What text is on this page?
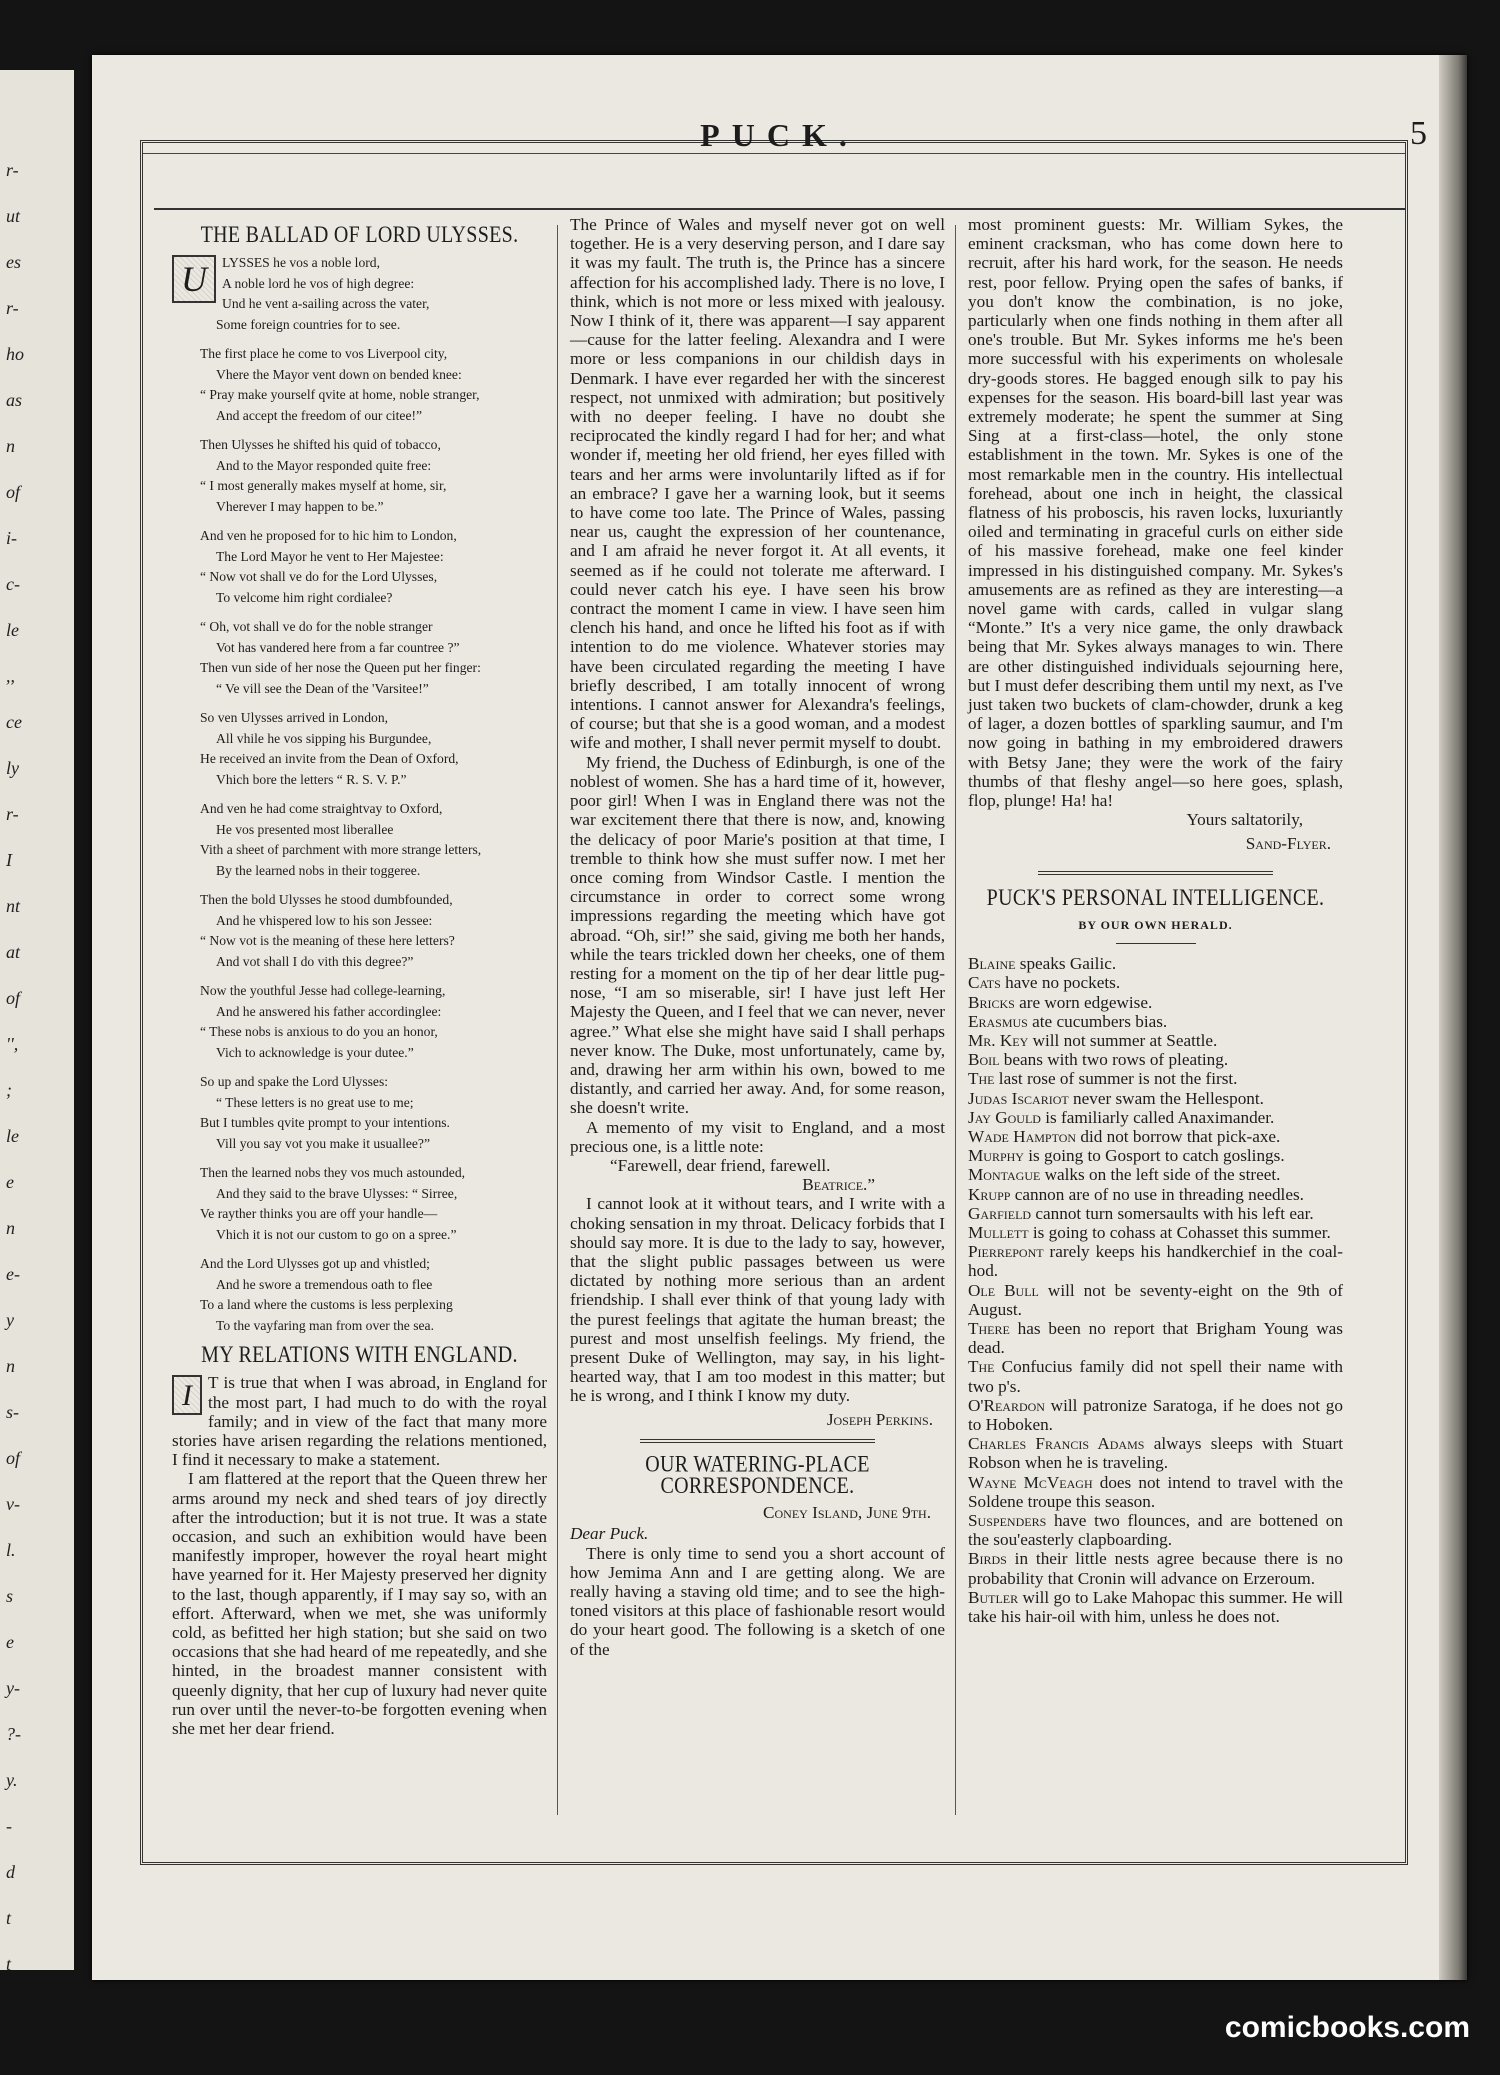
r-
ut
es
r-
ho
as
n
of
i-
c-
le
,,
ce
ly
r-
I
nt
at
of
'',
;
le
e
n
e-
y
n
s-
of
v-
l.
s
e
y-
?-
y.
-
d
t
t
PUCK.	5
THE BALLAD OF LORD ULYSSES.
U	LYSSES he vos a noble lord,
A noble lord he vos of high degree:
Und he vent a-sailing across the vater,
Some foreign countries for to see.
The first place he come to vos Liverpool city,
Vhere the Mayor vent down on bended knee:
“ Pray make yourself qvite at home, noble stranger,
And accept the freedom of our citee!”
Then Ulysses he shifted his quid of tobacco,
And to the Mayor responded quite free:
“ I most generally makes myself at home, sir,
Vherever I may happen to be.”
And ven he proposed for to hic him to London,
The Lord Mayor he vent to Her Majestee:
“ Now vot shall ve do for the Lord Ulysses,
To velcome him right cordialee?
“ Oh, vot shall ve do for the noble stranger
Vot has vandered here from a far countree ?”
Then vun side of her nose the Queen put her finger:
“ Ve vill see the Dean of the 'Varsitee!”
So ven Ulysses arrived in London,
All vhile he vos sipping his Burgundee,
He received an invite from the Dean of Oxford,
Vhich bore the letters “ R. S. V. P.”
And ven he had come straightvay to Oxford,
He vos presented most liberallee
Vith a sheet of parchment with more strange letters,
By the learned nobs in their toggeree.
Then the bold Ulysses he stood dumbfounded,
And he vhispered low to his son Jessee:
“ Now vot is the meaning of these here letters?
And vot shall I do vith this degree?”
Now the youthful Jesse had college-learning,
And he answered his father accordinglee:
“ These nobs is anxious to do you an honor,
Vich to acknowledge is your dutee.”
So up and spake the Lord Ulysses:
“ These letters is no great use to me;
But I tumbles qvite prompt to your intentions.
Vill you say vot you make it usuallee?”
Then the learned nobs they vos much astounded,
And they said to the brave Ulysses: “ Sirree,
Ve rayther thinks you are off your handle—
Vhich it is not our custom to go on a spree.”
And the Lord Ulysses got up and vhistled;
And he swore a tremendous oath to flee
To a land where the customs is less perplexing
To the vayfaring man from over the sea.
MY RELATIONS WITH ENGLAND.
I T is true that when I was abroad, in England for the most part, I had much to do with the royal family; and in view of the fact that many more stories have arisen regarding the relations mentioned, I find it necessary to make a statement.

I am flattered at the report that the Queen threw her arms around my neck and shed tears of joy directly after the introduction; but it is not true. It was a state occasion, and such an exhibition would have been manifestly improper, however the royal heart might have yearned for it. Her Majesty preserved her dignity to the last, though apparently, if I may say so, with an effort. Afterward, when we met, she was uniformly cold, as befitted her high station; but she said on two occasions that she had heard of me repeatedly, and she hinted, in the broadest manner consistent with queenly dignity, that her cup of luxury had never quite run over until the never-to-be forgotten evening when she met her dear friend.

The Prince of Wales and myself never got on well together. He is a very deserving person, and I dare say it was my fault. The truth is, the Prince has a sincere affection for his accomplished lady. There is no love, I think, which is not more or less mixed with jealousy. Now I think of it, there was apparent—I say apparent—cause for the latter feeling. Alexandra and I were more or less companions in our childish days in Denmark. I have ever regarded her with the sincerest respect, not unmixed with admiration; but positively with no deeper feeling. I have no doubt she reciprocated the kindly regard I had for her; and what wonder if, meeting her old friend, her eyes filled with tears and her arms were involuntarily lifted as if for an embrace? I gave her a warning look, but it seems to have come too late. The Prince of Wales, passing near us, caught the expression of her countenance, and I am afraid he never forgot it. At all events, it seemed as if he could not tolerate me afterward. I could never catch his eye. I have seen his brow contract the moment I came in view. I have seen him clench his hand, and once he lifted his foot as if with intention to do me violence. Whatever stories may have been circulated regarding the meeting I have briefly described, I am totally innocent of wrong intentions. I cannot answer for Alexandra's feelings, of course; but that she is a good woman, and a modest wife and mother, I shall never permit myself to doubt.

My friend, the Duchess of Edinburgh, is one of the noblest of women. She has a hard time of it, however, poor girl! When I was in England there was not the war excitement there that there is now, and, knowing the delicacy of poor Marie's position at that time, I tremble to think how she must suffer now. I met her once coming from Windsor Castle. I mention the circumstance in order to correct some wrong impressions regarding the meeting which have got abroad. “Oh, sir!” she said, giving me both her hands, while the tears trickled down her cheeks, one of them resting for a moment on the tip of her dear little pug-nose, “I am so miserable, sir! I have just left Her Majesty the Queen, and I feel that we can never, never agree.” What else she might have said I shall perhaps never know. The Duke, most unfortunately, came by, and, drawing her arm within his own, bowed to me distantly, and carried her away. And, for some reason, she doesn't write.

A memento of my visit to England, and a most precious one, is a little note:

“Farewell, dear friend, farewell.

Beatrice.”

I cannot look at it without tears, and I write with a choking sensation in my throat. Delicacy forbids that I should say more. It is due to the lady to say, however, that the slight public passages between us were dictated by nothing more serious than an ardent friendship. I shall ever think of that young lady with the purest feelings that agitate the human breast; the purest and most unselfish feelings. My friend, the present Duke of Wellington, may say, in his light-hearted way, that I am too modest in this matter; but he is wrong, and I think I know my duty.

Joseph Perkins.
OUR WATERING-PLACE CORRESPONDENCE.
Coney Island, June 9th.
Dear Puck.

There is only time to send you a short account of how Jemima Ann and I are getting along. We are really having a staving old time; and to see the high-toned visitors at this place of fashionable resort would do your heart good. The following is a sketch of one of the

most prominent guests: Mr. William Sykes, the eminent cracksman, who has come down here to recruit, after his hard work, for the season. He needs rest, poor fellow. Prying open the safes of banks, if you don't know the combination, is no joke, particularly when one finds nothing in them after all one's trouble. But Mr. Sykes informs me he's been more successful with his experiments on wholesale dry-goods stores. He bagged enough silk to pay his expenses for the season. His board-bill last year was extremely moderate; he spent the summer at Sing Sing at a first-class—hotel, the only stone establishment in the town. Mr. Sykes is one of the most remarkable men in the country. His intellectual forehead, about one inch in height, the classical flatness of his proboscis, his raven locks, luxuriantly oiled and terminating in graceful curls on either side of his massive forehead, make one feel kinder impressed in his distinguished company. Mr. Sykes's amusements are as refined as they are interesting—a novel game with cards, called in vulgar slang “Monte.” It's a very nice game, the only drawback being that Mr. Sykes always manages to win. There are other distinguished individuals sejourning here, but I must defer describing them until my next, as I've just taken two buckets of clam-chowder, drunk a keg of lager, a dozen bottles of sparkling saumur, and I'm now going in bathing in my embroidered drawers with Betsy Jane; they were the work of the fairy thumbs of that fleshy angel—so here goes, splash, flop, plunge! Ha! ha!

Yours saltatorily,
Sand-Flyer.
PUCK'S PERSONAL INTELLIGENCE.
BY OUR OWN HERALD.

Blaine speaks Gailic.

Cats have no pockets.

Bricks are worn edgewise.

Erasmus ate cucumbers bias.

Mr. Key will not summer at Seattle.

Boil beans with two rows of pleating.

The last rose of summer is not the first.

Judas Iscariot never swam the Hellespont.

Jay Gould is familiarly called Anaximander.

Wade Hampton did not borrow that pick-axe.

Murphy is going to Gosport to catch goslings.

Montague walks on the left side of the street.

Krupp cannon are of no use in threading needles.

Garfield cannot turn somersaults with his left ear.

Mullett is going to cohass at Cohasset this summer.

Pierrepont rarely keeps his handkerchief in the coal-hod.

Ole Bull will not be seventy-eight on the 9th of August.

There has been no report that Brigham Young was dead.

The Confucius family did not spell their name with two p's.

O'Reardon will patronize Saratoga, if he does not go to Hoboken.

Charles Francis Adams always sleeps with Stuart Robson when he is traveling.

Wayne McVeagh does not intend to travel with the Soldene troupe this season.

Suspenders have two flounces, and are bottened on the sou'easterly clapboarding.

Birds in their little nests agree because there is no probability that Cronin will advance on Erzeroum.

Butler will go to Lake Mahopac this summer. He will take his hair-oil with him, unless he does not.

comicbooks.com
